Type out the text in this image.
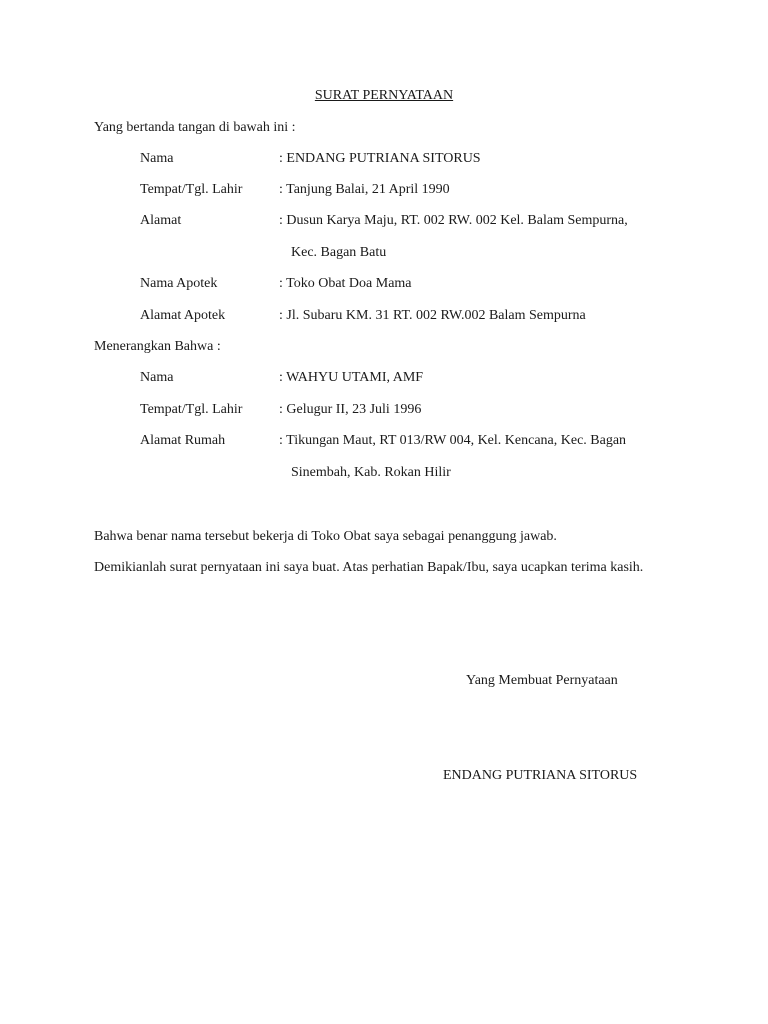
SURAT PERNYATAAN
Yang bertanda tangan di bawah ini :
Nama	: ENDANG PUTRIANA SITORUS
Tempat/Tgl. Lahir	: Tanjung Balai, 21 April 1990
Alamat	: Dusun Karya Maju, RT. 002 RW. 002 Kel. Balam Sempurna,
Kec. Bagan Batu
Nama Apotek	: Toko Obat Doa Mama
Alamat Apotek	: Jl. Subaru KM. 31 RT. 002 RW.002 Balam Sempurna
Menerangkan Bahwa :
Nama	: WAHYU UTAMI, AMF
Tempat/Tgl. Lahir	: Gelugur II, 23 Juli 1996
Alamat Rumah	: Tikungan Maut, RT 013/RW 004, Kel. Kencana, Kec. Bagan
Sinembah, Kab. Rokan Hilir
Bahwa benar nama tersebut bekerja di Toko Obat saya sebagai penanggung jawab.
Demikianlah surat pernyataan ini saya buat. Atas perhatian Bapak/Ibu, saya ucapkan terima kasih.
Yang Membuat Pernyataan
ENDANG PUTRIANA SITORUS
